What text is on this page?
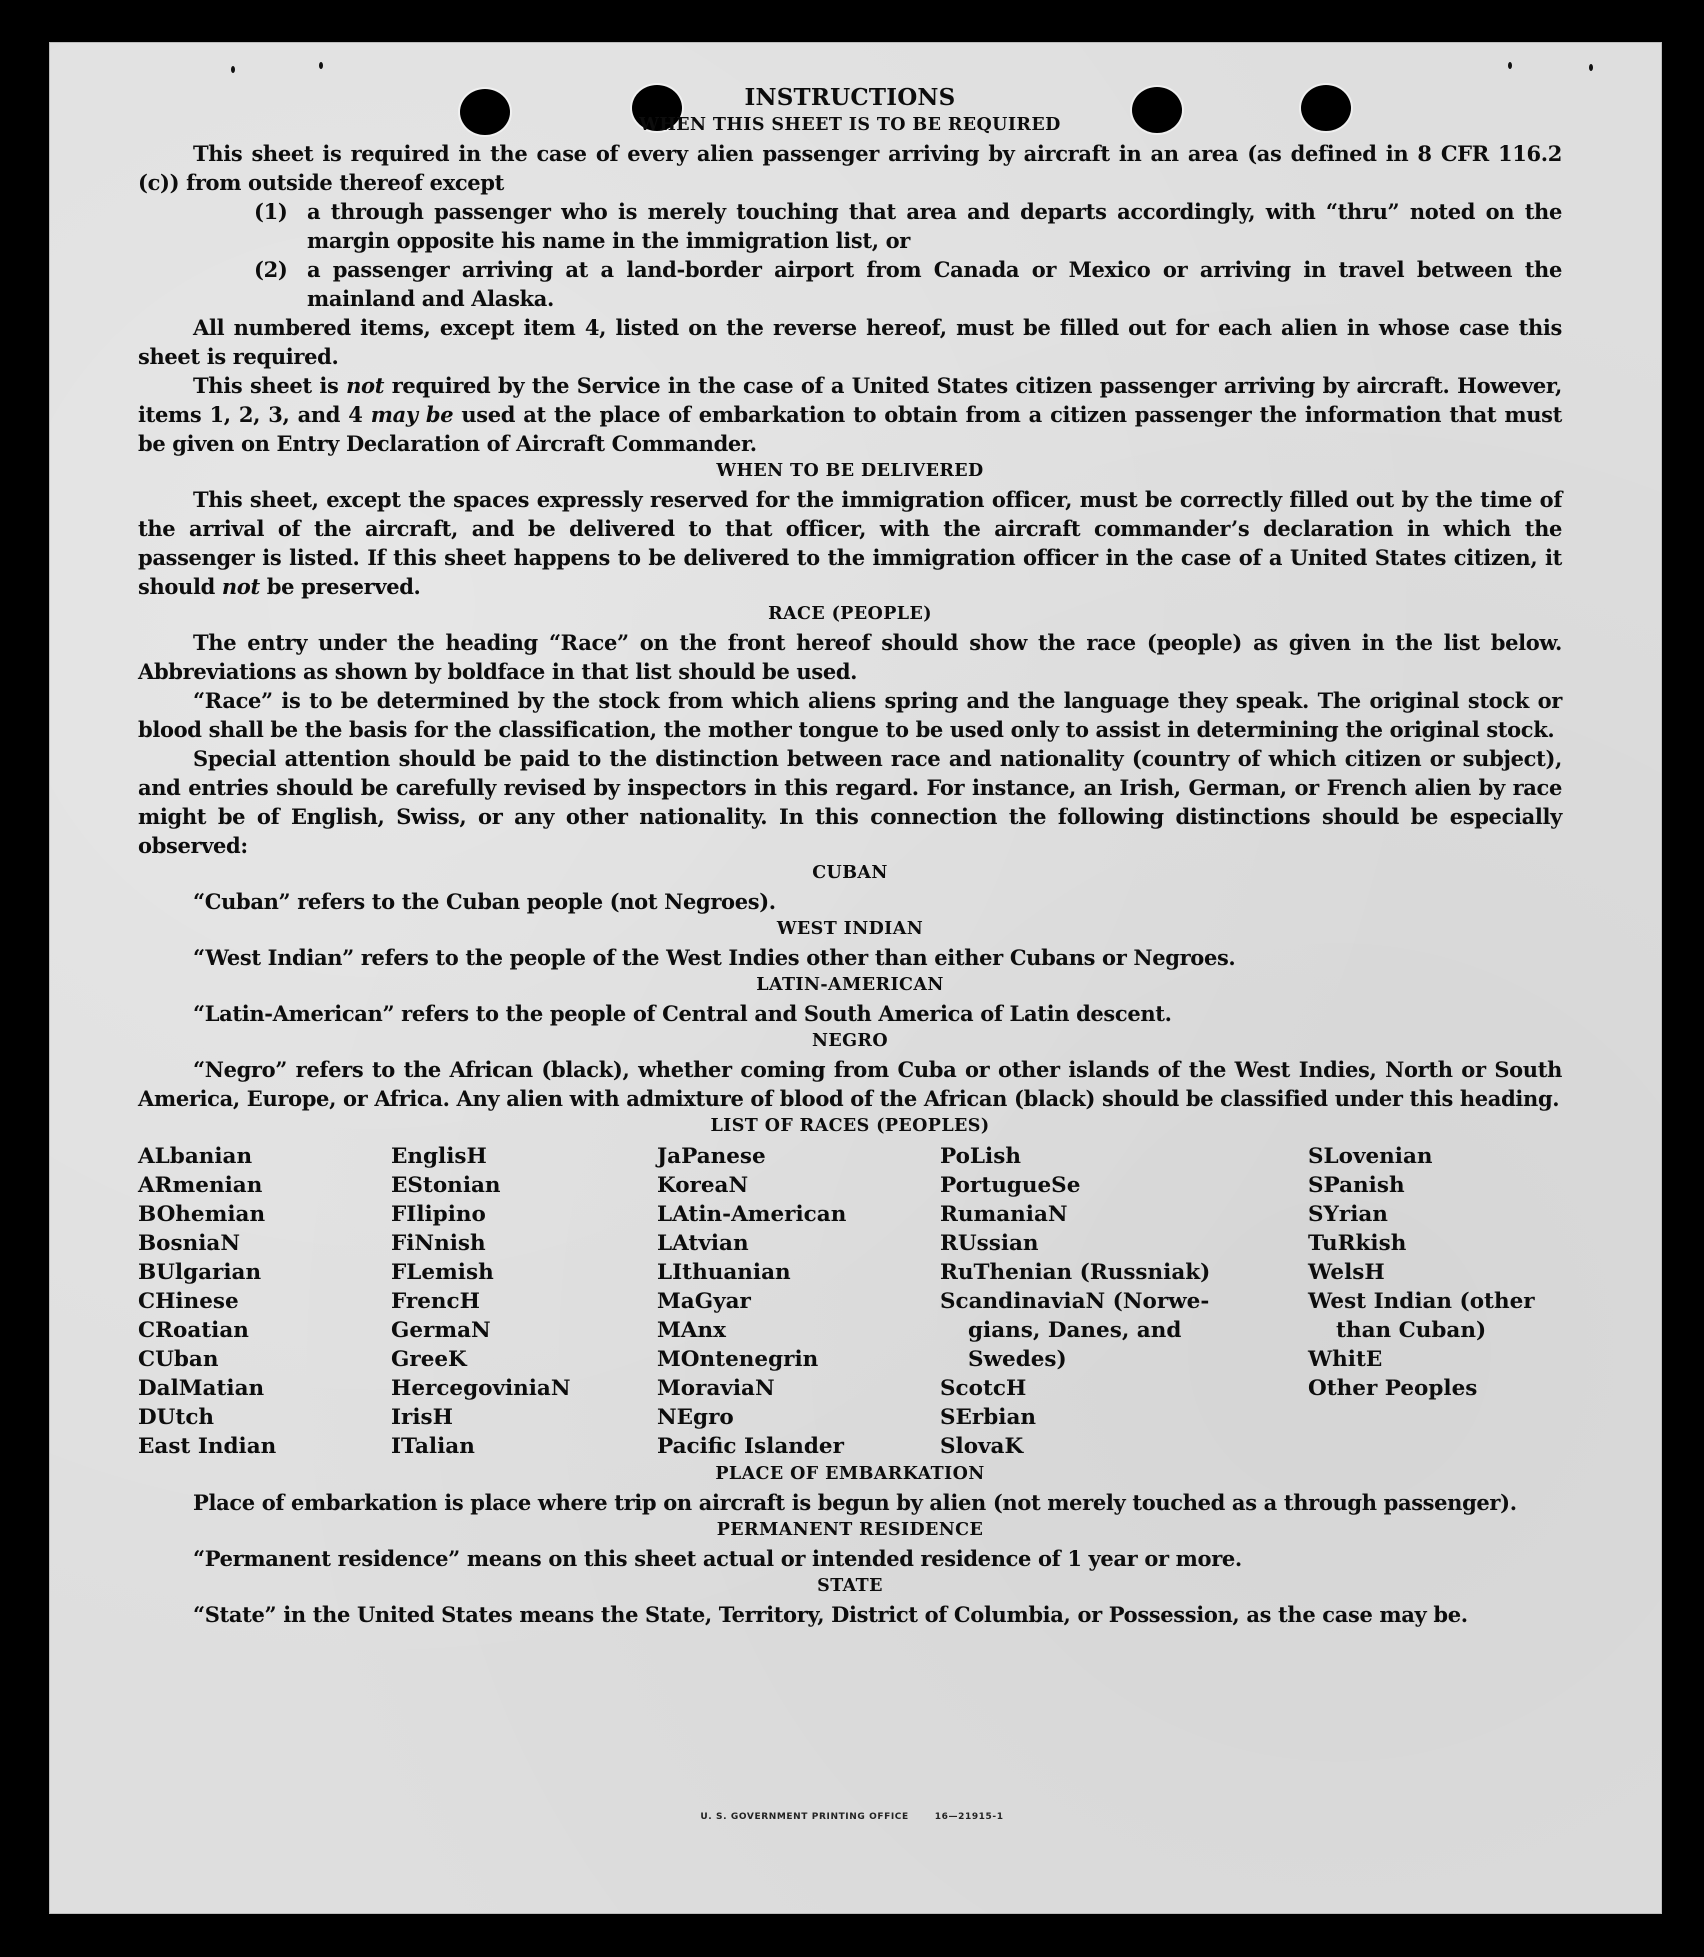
INSTRUCTIONS
WHEN THIS SHEET IS TO BE REQUIRED

This sheet is required in the case of every alien passenger arriving by aircraft in an area (as defined in 8 CFR 116.2 (c)) from outside thereof except

(1) a through passenger who is merely touching that area and departs accordingly, with “thru” noted on the margin opposite his name in the immigration list, or
(2) a passenger arriving at a land-border airport from Canada or Mexico or arriving in travel between the mainland and Alaska.

All numbered items, except item 4, listed on the reverse hereof, must be filled out for each alien in whose case this sheet is required.

This sheet is not required by the Service in the case of a United States citizen passenger arriving by aircraft. However, items 1, 2, 3, and 4 may be used at the place of embarkation to obtain from a citizen passenger the information that must be given on Entry Declaration of Aircraft Commander.

WHEN TO BE DELIVERED

This sheet, except the spaces expressly reserved for the immigration officer, must be correctly filled out by the time of the arrival of the aircraft, and be delivered to that officer, with the aircraft commander’s declaration in which the passenger is listed. If this sheet happens to be delivered to the immigration officer in the case of a United States citizen, it should not be preserved.

RACE (PEOPLE)

The entry under the heading “Race” on the front hereof should show the race (people) as given in the list below. Abbreviations as shown by boldface in that list should be used.

“Race” is to be determined by the stock from which aliens spring and the language they speak. The original stock or blood shall be the basis for the classification, the mother tongue to be used only to assist in determining the original stock.

Special attention should be paid to the distinction between race and nationality (country of which citizen or subject), and entries should be carefully revised by inspectors in this regard. For instance, an Irish, German, or French alien by race might be of English, Swiss, or any other nationality. In this connection the following distinctions should be especially observed:

CUBAN

“Cuban” refers to the Cuban people (not Negroes).

WEST INDIAN

“West Indian” refers to the people of the West Indies other than either Cubans or Negroes.

LATIN-AMERICAN

“Latin-American” refers to the people of Central and South America of Latin descent.

NEGRO

“Negro” refers to the African (black), whether coming from Cuba or other islands of the West Indies, North or South America, Europe, or Africa. Any alien with admixture of blood of the African (black) should be classified under this heading.

LIST OF RACES (PEOPLES)
ALbanian
ARmenian
BOhemian
BosniaN
BUlgarian
CHinese
CRoatian
CUban
DalMatian
DUtch
East Indian
EnglisH
EStonian
FIlipino
FiNnish
FLemish
FrencH
GermaN
GreeK
HercegoviniaN
IrisH
ITalian
JaPanese
KoreaN
LAtin-American
LAtvian
LIthuanian
MaGyar
MAnx
MOntenegrin
MoraviaN
NEgro
Pacific Islander
PoLish
PortugueSe
RumaniaN
RUssian
RuThenian (Russniak)
ScandinaviaN (Norwe-
gians, Danes, and
Swedes)
ScotcH
SErbian
SlovaK
SLovenian
SPanish
SYrian
TuRkish
WelsH
West Indian (other
than Cuban)
WhitE
Other Peoples
PLACE OF EMBARKATION

Place of embarkation is place where trip on aircraft is begun by alien (not merely touched as a through passenger).

PERMANENT RESIDENCE

“Permanent residence” means on this sheet actual or intended residence of 1 year or more.

STATE

“State” in the United States means the State, Territory, District of Columbia, or Possession, as the case may be.

U. S. GOVERNMENT PRINTING OFFICE	16—21915-1
